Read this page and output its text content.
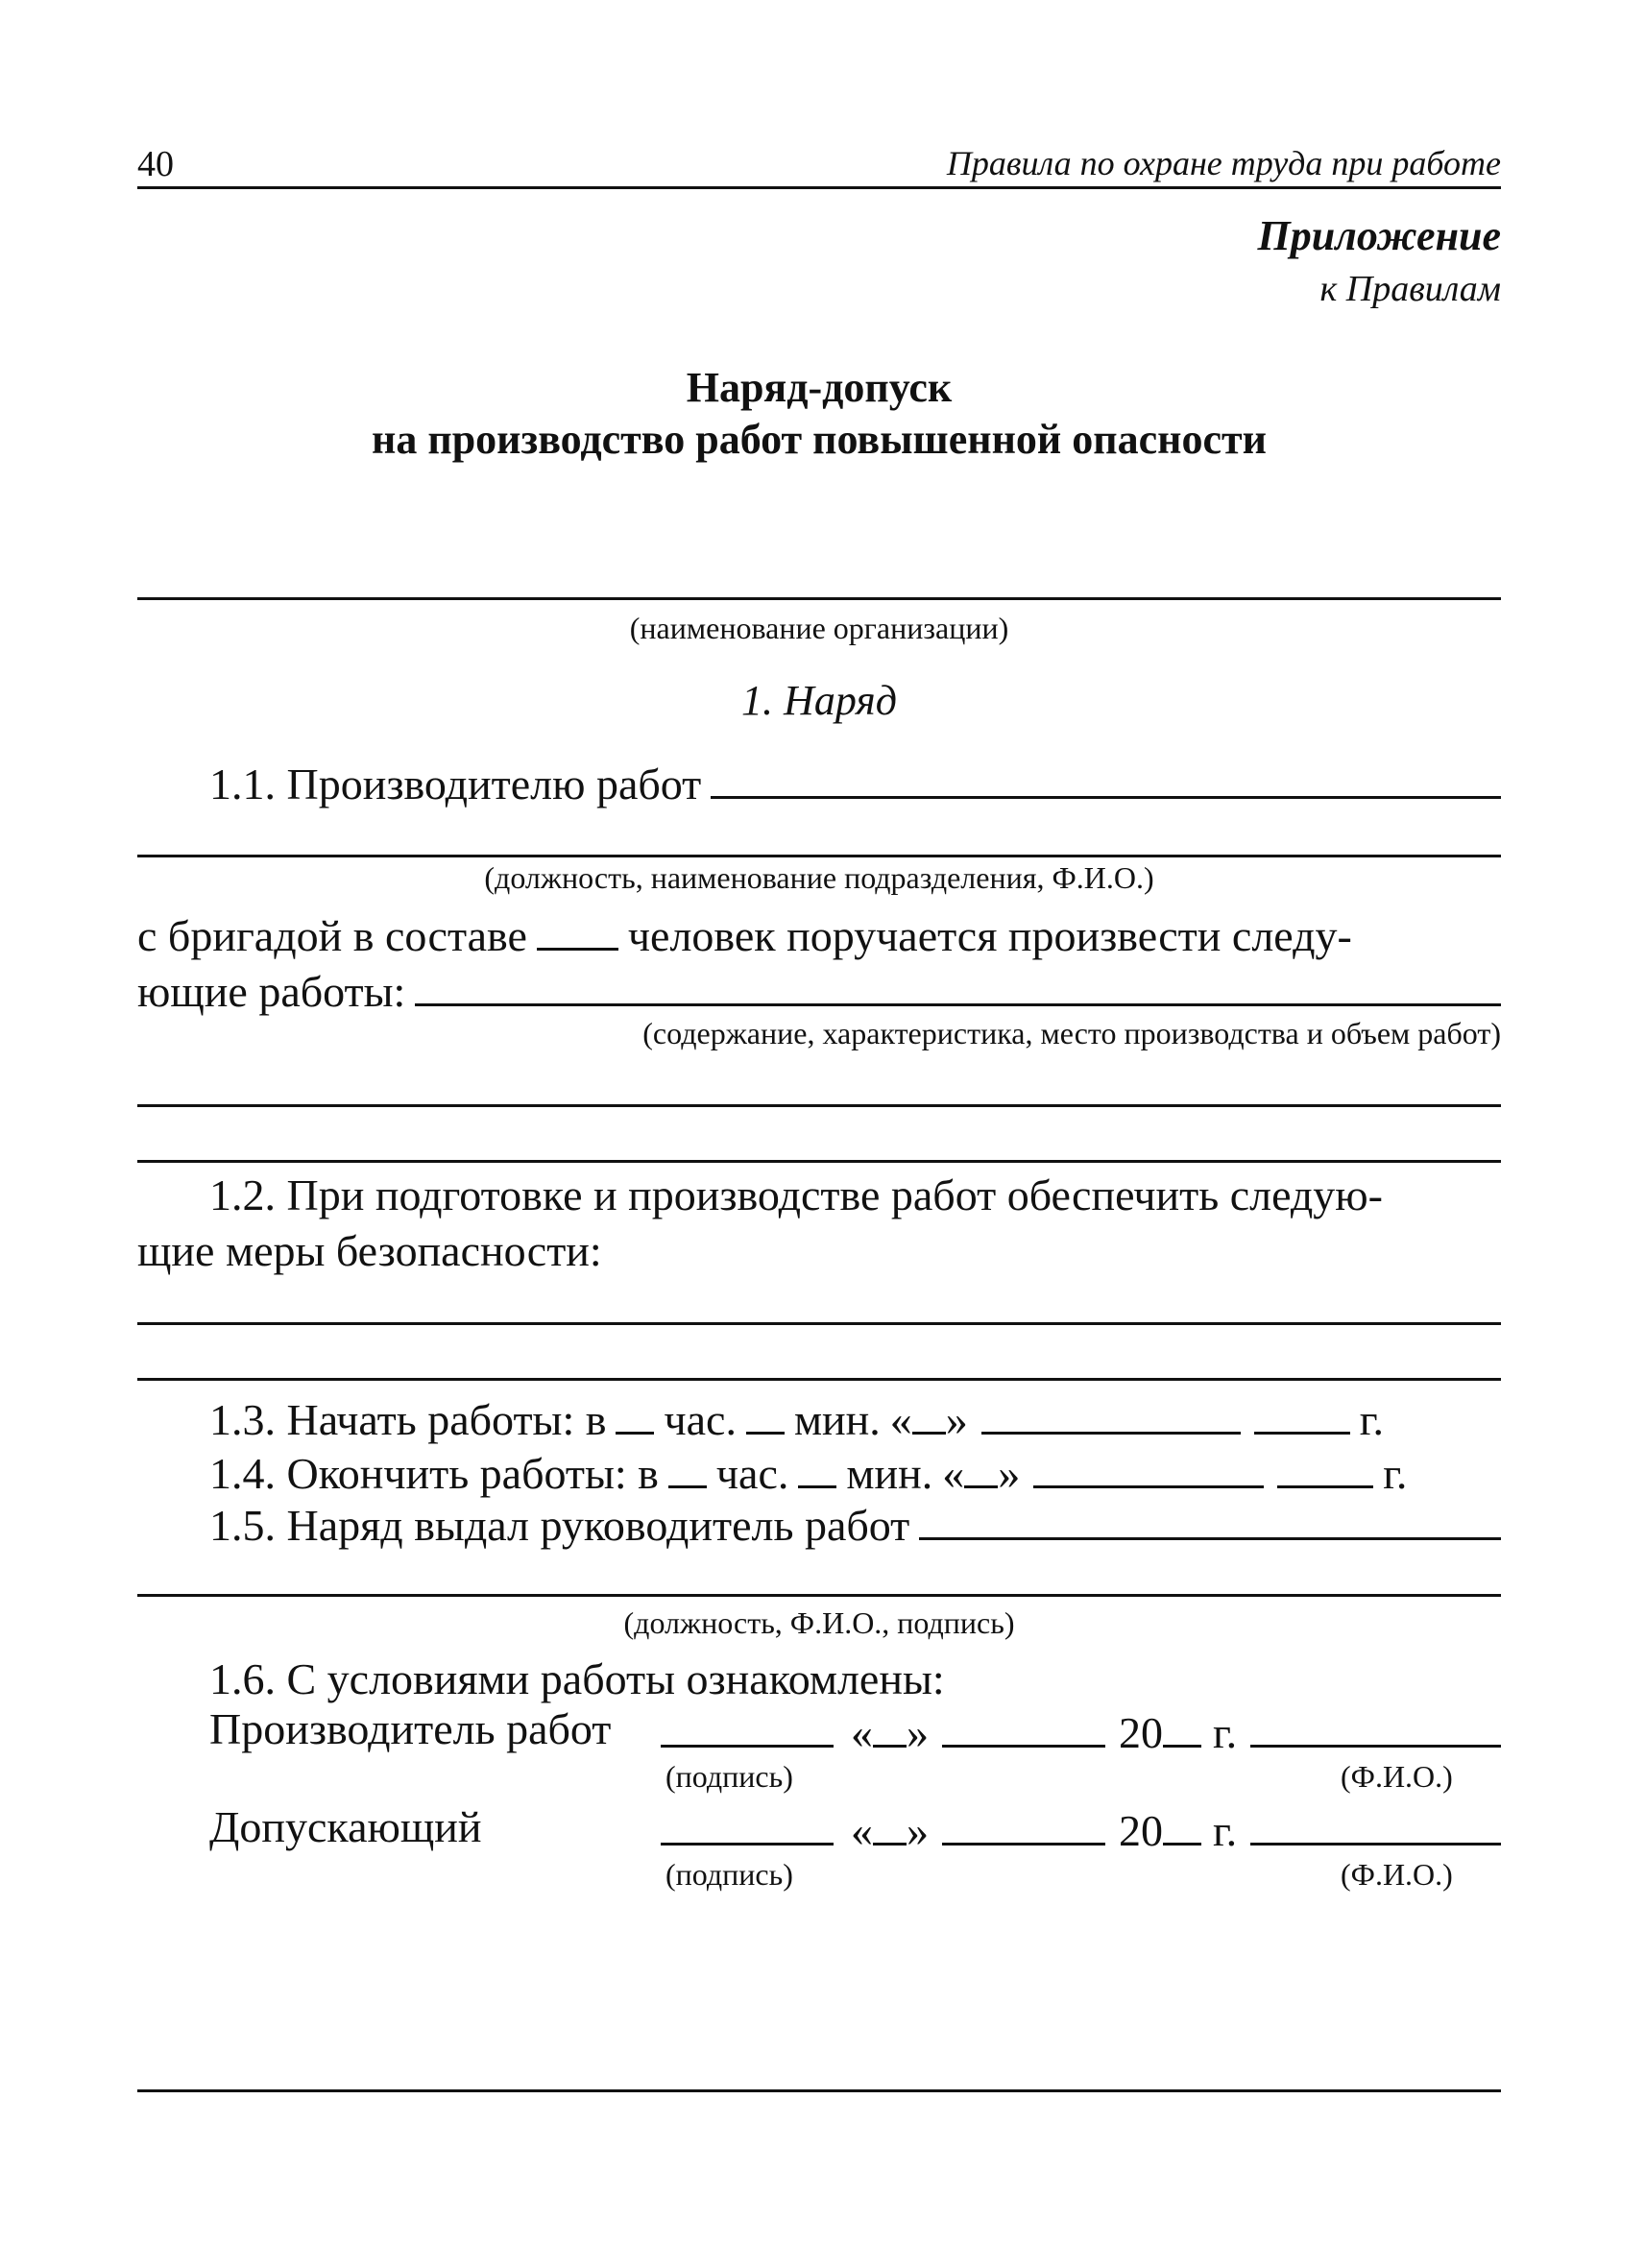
40	Правила по охране труда при работе
Приложение
к Правилам
Наряд-допуск
на производство работ повышенной опасности
(наименование организации)
1. Наряд
1.1. Производителю работ
(должность, наименование подразделения, Ф.И.О.)
с бригадой в составе человек поручается произвести следу-
ющие работы:
(содержание, характеристика, место производства и объем работ)
1.2. При подготовке и производстве работ обеспечить следую-
щие меры безопасности:
1.3. Начать работы: в час. мин. « »	г.
1.4. Окончить работы: в час. мин. « »	г.
1.5. Наряд выдал руководитель работ
(должность, Ф.И.О., подпись)
1.6. С условиями работы ознакомлены:
Производитель работ	« »	20 г.
(подпись)	(Ф.И.О.)
Допускающий	« »	20 г.
(подпись)	(Ф.И.О.)
